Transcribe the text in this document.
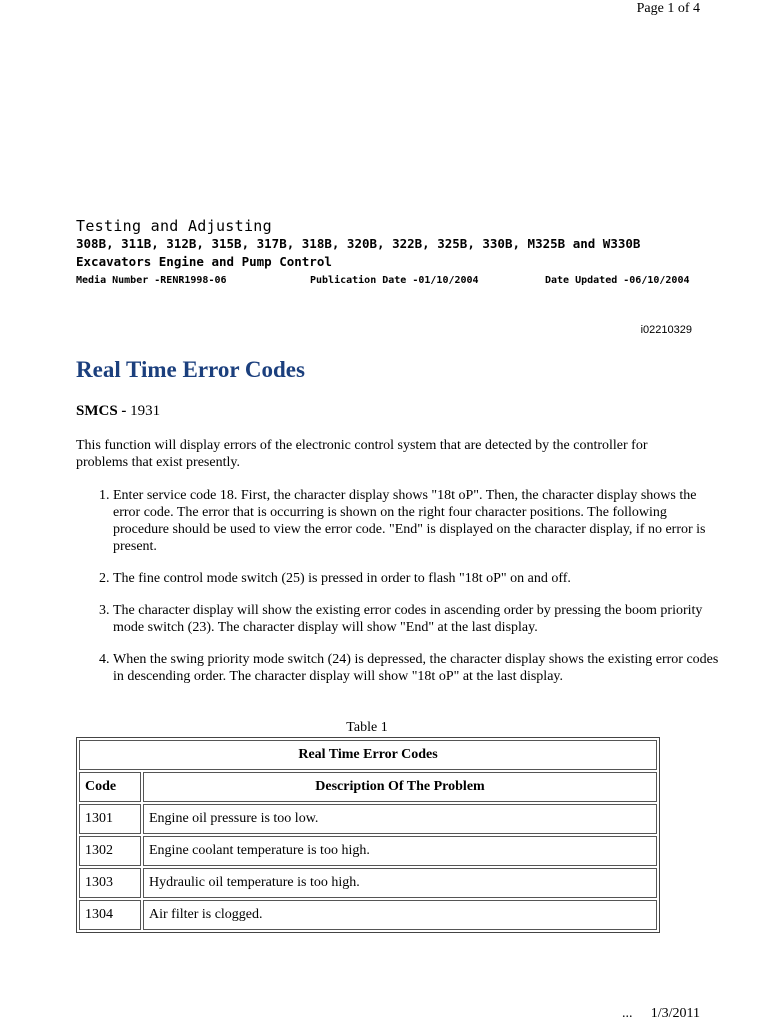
Page 1 of 4
Testing and Adjusting
308B, 311B, 312B, 315B, 317B, 318B, 320B, 322B, 325B, 330B, M325B and W330B
Excavators Engine and Pump Control
Media Number -RENR1998-06	Publication Date -01/10/2004	Date Updated -06/10/2004
i02210329
Real Time Error Codes
SMCS - 1931
This function will display errors of the electronic control system that are detected by the controller for problems that exist presently.
1. Enter service code 18. First, the character display shows "18t oP". Then, the character display shows the error code. The error that is occurring is shown on the right four character positions. The following procedure should be used to view the error code. "End" is displayed on the character display, if no error is present.
2. The fine control mode switch (25) is pressed in order to flash "18t oP" on and off.
3. The character display will show the existing error codes in ascending order by pressing the boom priority mode switch (23). The character display will show "End" at the last display.
4. When the swing priority mode switch (24) is depressed, the character display shows the existing error codes in descending order. The character display will show "18t oP" at the last display.
Table 1
Real Time Error Codes	
Code	Description Of The Problem
1301	Engine oil pressure is too low.
1302	Engine coolant temperature is too high.
1303	Hydraulic oil temperature is too high.
1304	Air filter is clogged.
... 1/3/2011
